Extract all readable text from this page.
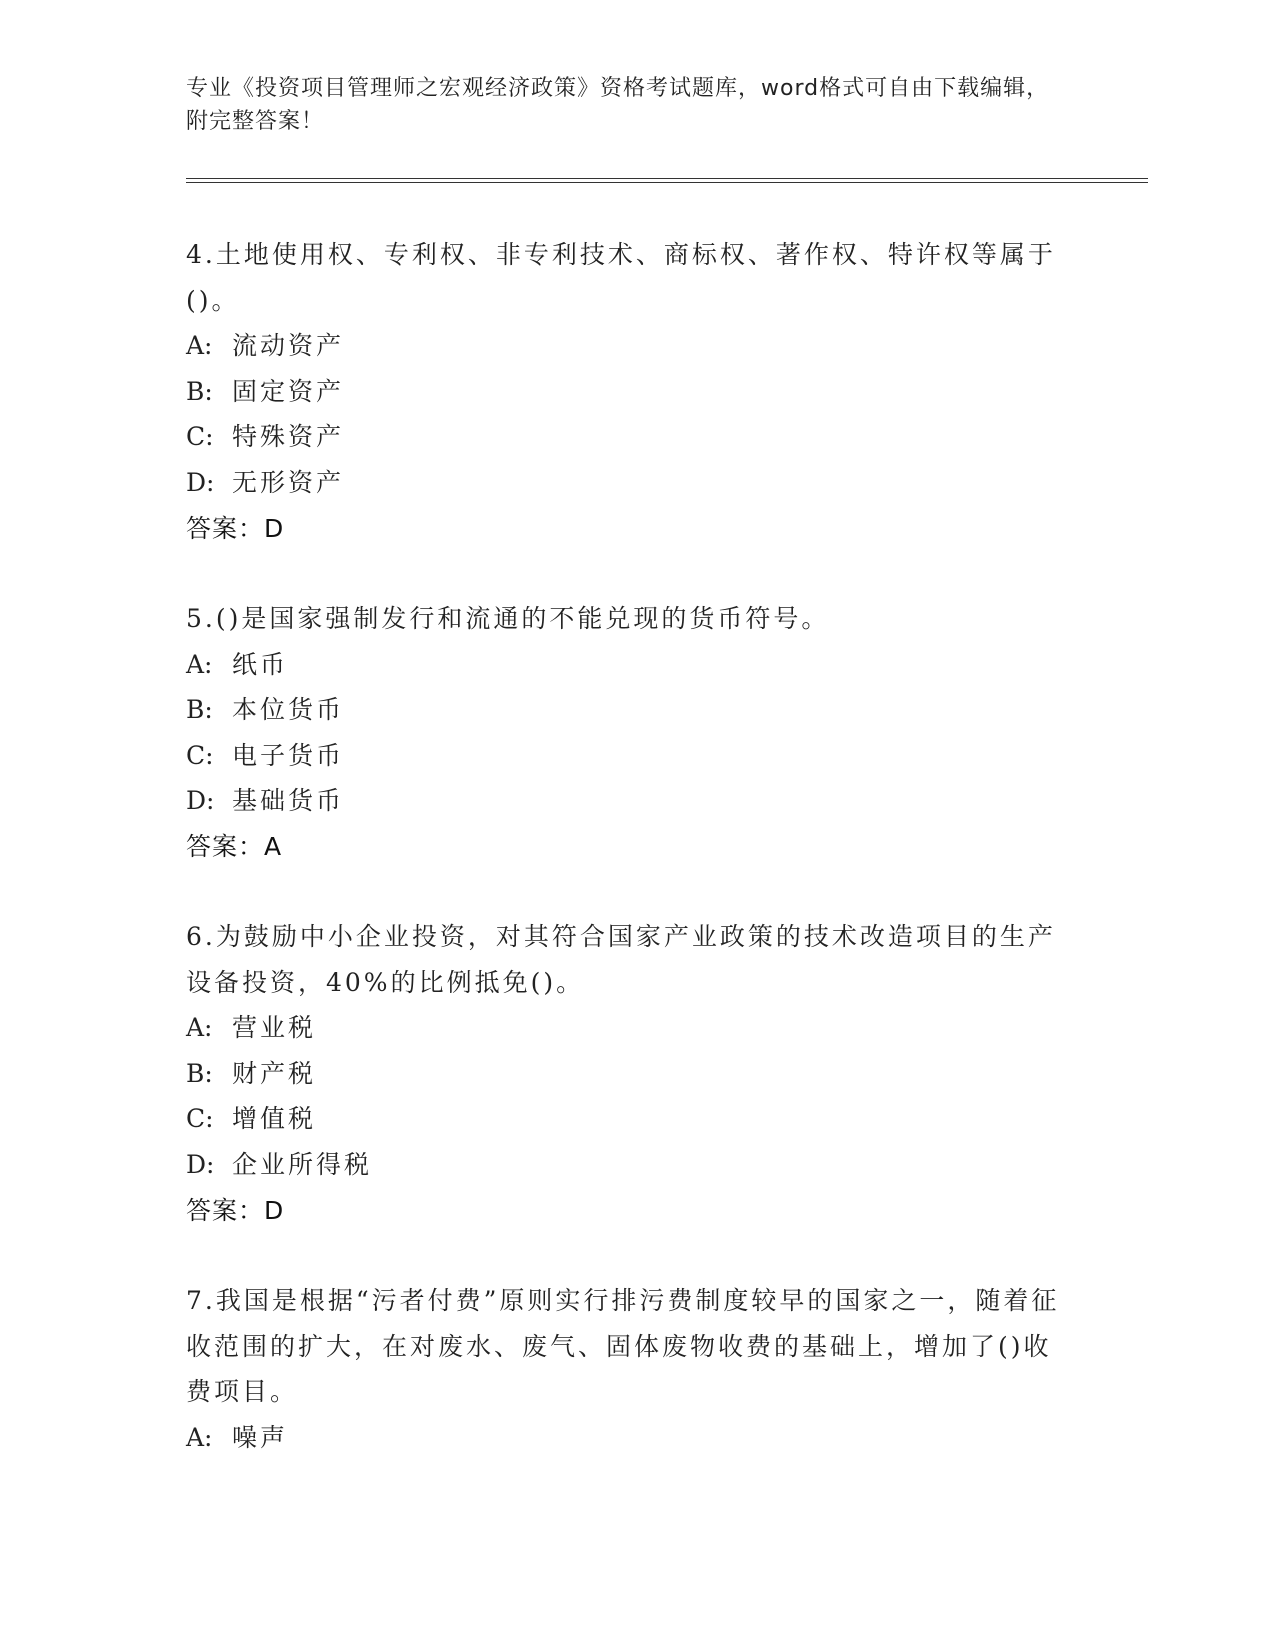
专业《投资项目管理师之宏观经济政策》资格考试题库，word格式可自由下载编辑，附完整答案！
4.土地使用权、专利权、非专利技术、商标权、著作权、特许权等属于()。
A: 流动资产
B: 固定资产
C: 特殊资产
D: 无形资产
答案：D
5.()是国家强制发行和流通的不能兑现的货币符号。
A: 纸币
B: 本位货币
C: 电子货币
D: 基础货币
答案：A
6.为鼓励中小企业投资，对其符合国家产业政策的技术改造项目的生产设备投资，40%的比例抵免()。
A: 营业税
B: 财产税
C: 增值税
D: 企业所得税
答案：D
7.我国是根据“污者付费”原则实行排污费制度较早的国家之一，随着征收范围的扩大，在对废水、废气、固体废物收费的基础上，增加了()收费项目。
A: 噪声
